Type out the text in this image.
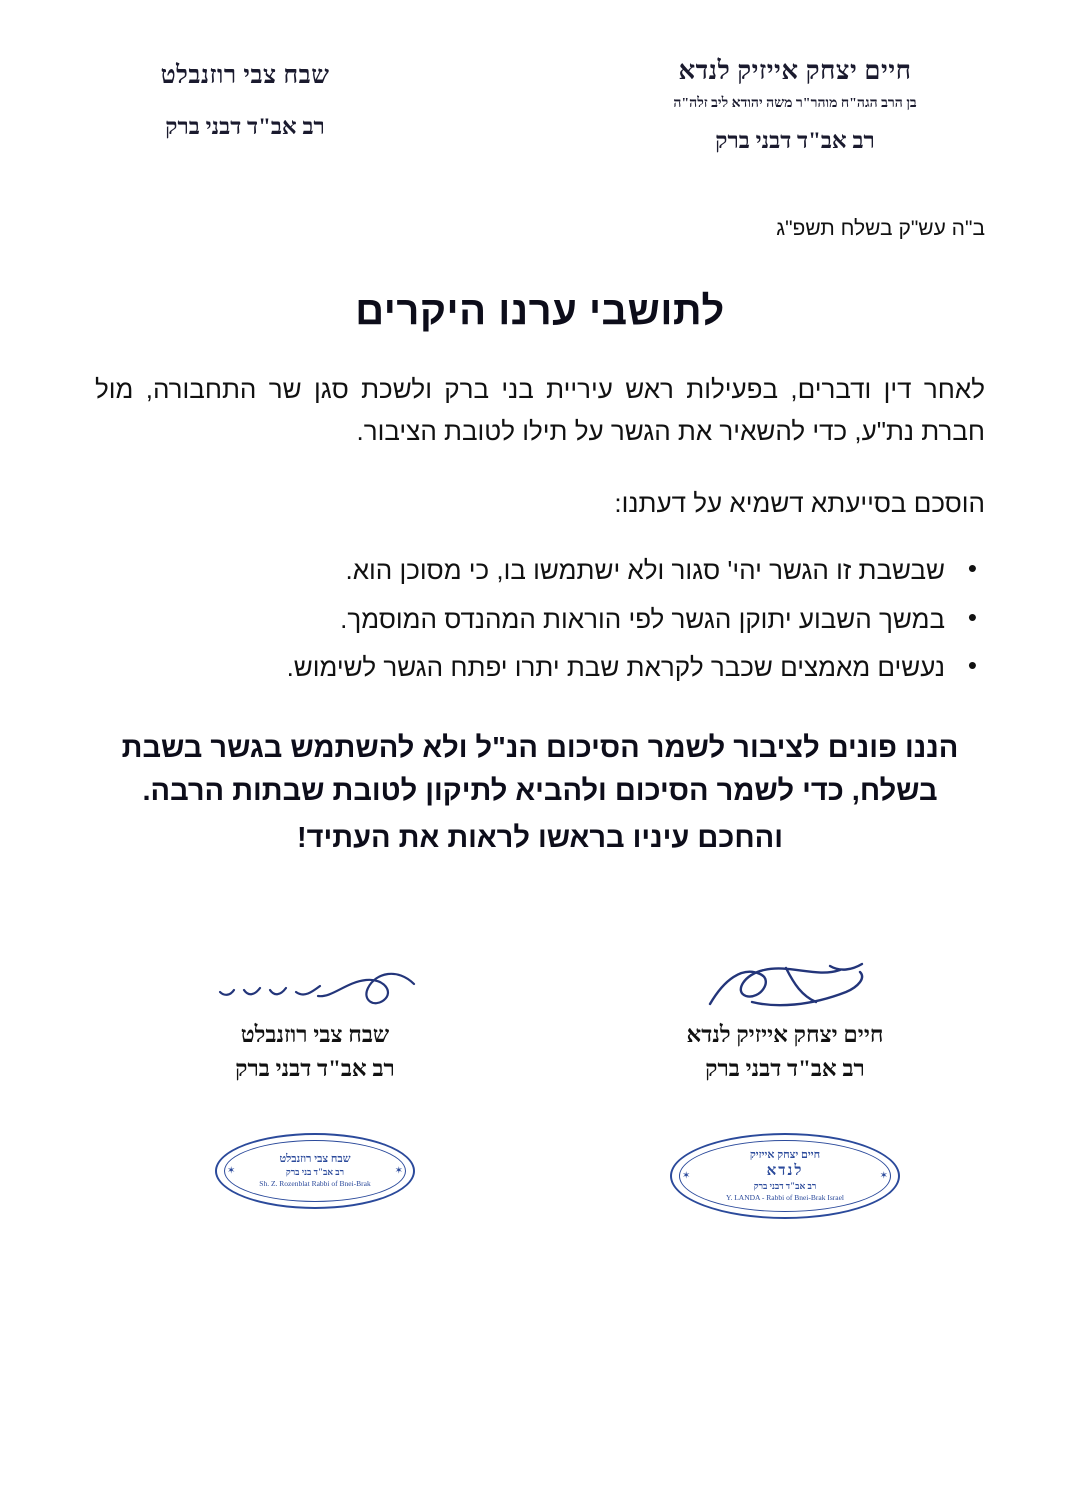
חיים יצחק אייזיק לנדא
בן הרב הגה"ח מוהר"ר משה יהודא ליב זלה"ה
רב אב"ד דבני ברק
שבח צבי רוזנבלט
רב אב"ד דבני ברק
ב"ה עש"ק בשלח תשפ"ג
לתושבי ערנו היקרים

לאחר דין ודברים, בפעילות ראש עיריית בני ברק ולשכת סגן שר התחבורה, מול חברת נת"ע, כדי להשאיר את הגשר על תילו לטובת הציבור.

הוסכם בסייעתא דשמיא על דעתנו:

• שבשבת זו הגשר יהי' סגור ולא ישתמשו בו, כי מסוכן הוא.
• במשך השבוע יתוקן הגשר לפי הוראות המהנדס המוסמך.
• נעשים מאמצים שכבר לקראת שבת יתרו יפתח הגשר לשימוש.
הננו פונים לציבור לשמר הסיכום הנ"ל ולא להשתמש בגשר בשבת בשלח, כדי לשמר הסיכום ולהביא לתיקון לטובת שבתות הרבה.
והחכם עיניו בראשו לראות את העתיד!
חיים יצחק אייזיק לנדא
רב אב"ד דבני ברק
✶	✶
חיים יצחק אייזיק
לנדא
רב אב"ד דבני ברק
Y. LANDA - Rabbi of Bnei-Brak Israel
שבח צבי רוזנבלט
רב אב"ד דבני ברק
✶	✶
שבח צבי רוזנבלט
רב אב"ד בני ברק
Sh. Z. Rozenblat Rabbi of Bnei-Brak
